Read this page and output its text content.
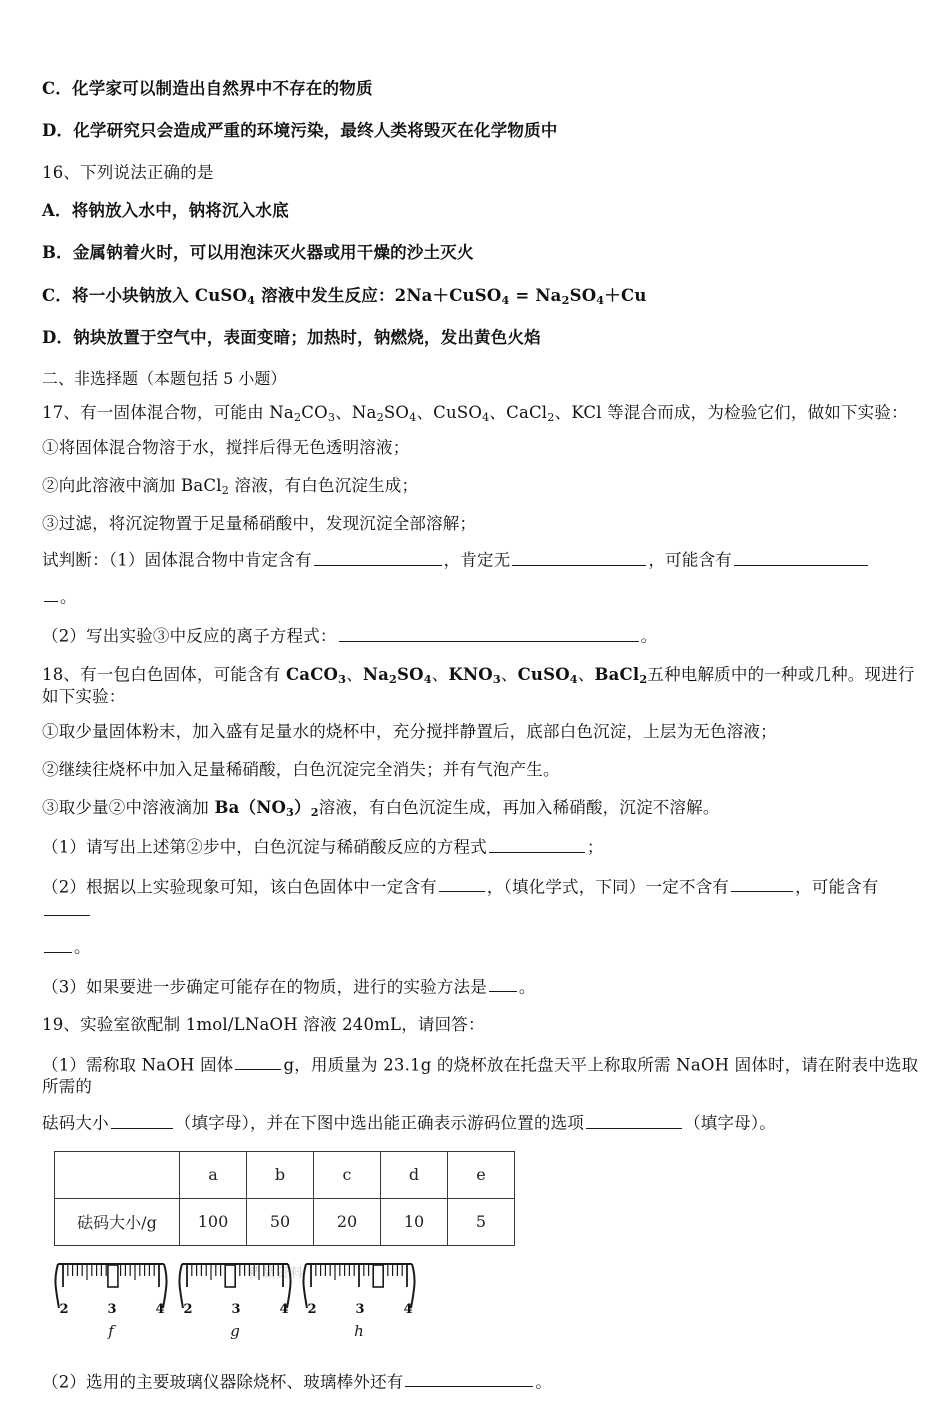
C．化学家可以制造出自然界中不存在的物质

D．化学研究只会造成严重的环境污染，最终人类将毁灭在化学物质中

16、下列说法正确的是

A．将钠放入水中，钠将沉入水底

B．金属钠着火时，可以用泡沫灭火器或用干燥的沙土灭火

C．将一小块钠放入 CuSO$_4$ 溶液中发生反应：2Na＋CuSO$_4$ = $Na_2SO_4+Cu$

D．钠块放置于空气中，表面变暗；加热时，钠燃烧，发出黄色火焰

二、非选择题（本题包括 5 小题）

17、有一固体混合物，可能由 $Na_2CO_3$、$Na_2SO_4$、CuSO$_4$、CaCl$_2$、KCl 等混合而成，为检验它们，做如下实验：

①将固体混合物溶于水，搅拌后得无色透明溶液；

②向此溶液中滴加 BaCl$_2$ 溶液，有白色沉淀生成；

③过滤，将沉淀物置于足量稀硝酸中，发现沉淀全部溶解；

试判断：（1）固体混合物中肯定含有	，肯定无	，可能含有

。

（2）写出实验③中反应的离子方程式：	。

18、有一包白色固体，可能含有 CaCO$_3$、$Na_2SO_4$、$KNO_3$、CuSO$_4$、BaCl$_2$五种电解质中的一种或几种。现进行如下实验：

①取少量固体粉末，加入盛有足量水的烧杯中，充分搅拌静置后，底部白色沉淀，上层为无色溶液；

②继续往烧杯中加入足量稀硝酸，白色沉淀完全消失；并有气泡产生。

③取少量②中溶液滴加 $Ba(NO_3)_2$溶液，有白色沉淀生成，再加入稀硝酸，沉淀不溶解。

（1）请写出上述第②步中，白色沉淀与稀硝酸反应的方程式	；

（2）根据以上实验现象可知，该白色固体中一定含有	，（填化学式，下同）一定不含有	，可能含有

。

（3）如果要进一步确定可能存在的物质，进行的实验方法是 。

19、实验室欲配制 1mol/LNaOH 溶液 240mL，请回答：

（1）需称取 NaOH 固体	g，用质量为 23.1g 的烧杯放在托盘天平上称取所需 NaOH 固体时，请在附表中选取所需的

砝码大小	（填字母），并在下图中选出能正确表示游码位置的选项	（填字母）。

	a	b	c	d	e
砝码大小/g	100	50	20	10	5
精品资料
2	3	4
f
2	3	4
g
2	3	4
h

（2）选用的主要玻璃仪器除烧杯、玻璃棒外还有	。
